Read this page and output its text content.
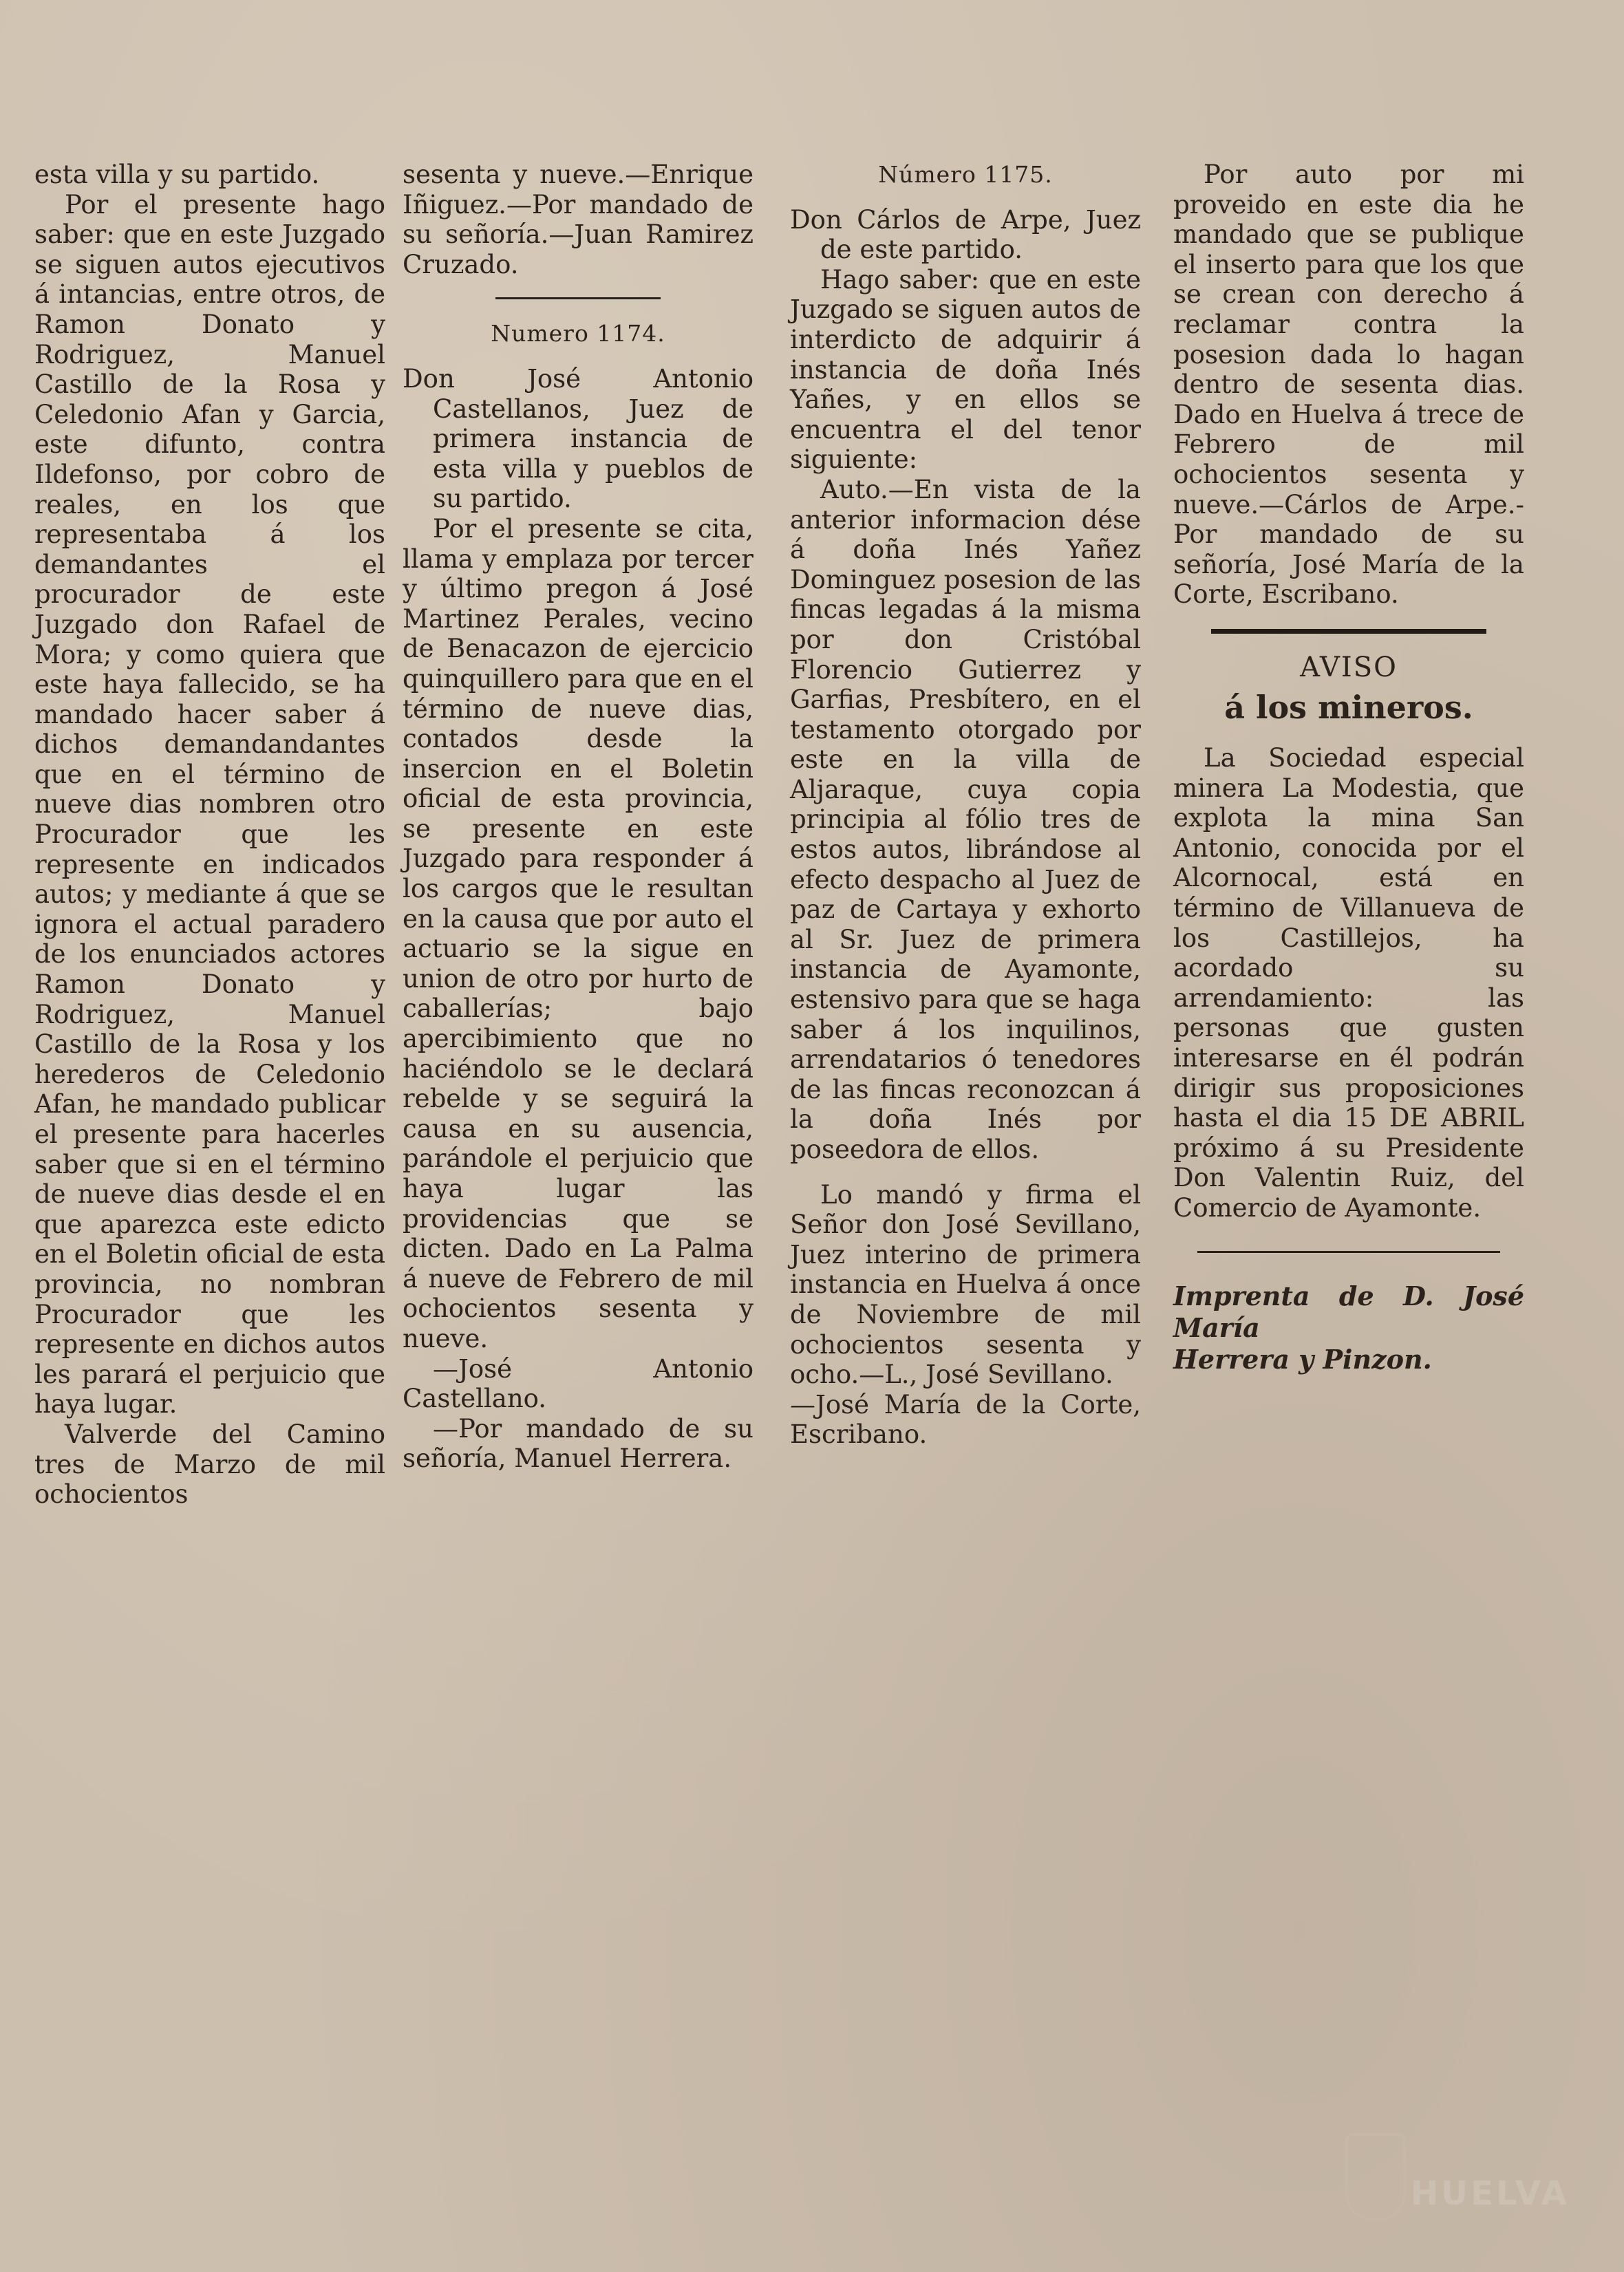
esta villa y su partido.

Por el presente hago saber: que en este Juzgado se siguen autos ejecutivos á intancias, entre otros, de Ramon Donato y Rodriguez, Manuel Castillo de la Rosa y Celedonio Afan y Garcia, este difunto, contra Ildefonso, por cobro de reales, en los que representaba á los demandantes el procurador de este Juzgado don Rafael de Mora; y como quiera que este haya fallecido, se ha mandado hacer saber á dichos demandandantes que en el término de nueve dias nombren otro Procurador que les represente en indicados autos; y mediante á que se ignora el actual paradero de los enunciados actores Ramon Donato y Rodriguez, Manuel Castillo de la Rosa y los herederos de Celedonio Afan, he mandado publicar el presente para hacerles saber que si en el término de nueve dias desde el en que aparezca este edicto en el Boletin oficial de esta provincia, no nombran Procurador que les represente en dichos autos les parará el perjuicio que haya lugar.

Valverde del Camino tres de Marzo de mil ochocientos

sesenta y nueve.—Enrique Iñiguez.—Por mandado de su señoría.—Juan Ramirez Cruzado.

Numero 1174.

Don José Antonio Castellanos, Juez de primera instancia de esta villa y pueblos de su partido.

Por el presente se cita, llama y emplaza por tercer y último pregon á José Martinez Perales, vecino de Benacazon de ejercicio quinquillero para que en el término de nueve dias, contados desde la insercion en el Boletin oficial de esta provincia, se presente en este Juzgado para responder á los cargos que le resultan en la causa que por auto el actuario se la sigue en union de otro por hurto de caballerías; bajo apercibimiento que no haciéndolo se le declará rebelde y se seguirá la causa en su ausencia, parándole el perjuicio que haya lugar las providencias que se dicten. Dado en La Palma á nueve de Febrero de mil ochocientos sesenta y nueve.

—José Antonio Castellano.

—Por mandado de su señoría, Manuel Herrera.

Número 1175.

Don Cárlos de Arpe, Juez de este partido.

Hago saber: que en este Juzgado se siguen autos de interdicto de adquirir á instancia de doña Inés Yañes, y en ellos se encuentra el del tenor siguiente:

Auto.—En vista de la anterior informacion dése á doña Inés Yañez Dominguez posesion de las fincas legadas á la misma por don Cristóbal Florencio Gutierrez y Garfias, Presbítero, en el testamento otorgado por este en la villa de Aljaraque, cuya copia principia al fólio tres de estos autos, librándose al efecto despacho al Juez de paz de Cartaya y exhorto al Sr. Juez de primera instancia de Ayamonte, estensivo para que se haga saber á los inquilinos, arrendatarios ó tenedores de las fincas reconozcan á la doña Inés por poseedora de ellos.

Lo mandó y firma el Señor don José Sevillano, Juez interino de primera instancia en Huelva á once de Noviembre de mil ochocientos sesenta y ocho.—L., José Sevillano.

—José María de la Corte, Escribano.

Por auto por mi proveido en este dia he mandado que se publique el inserto para que los que se crean con derecho á reclamar contra la posesion dada lo hagan dentro de sesenta dias. Dado en Huelva á trece de Febrero de mil ochocientos sesenta y nueve.—Cárlos de Arpe.-Por mandado de su señoría, José María de la Corte, Escribano.

AVISO
á los mineros.

La Sociedad especial minera La Modestia, que explota la mina San Antonio, conocida por el Alcornocal, está en término de Villanueva de los Castillejos, ha acordado su arrendamiento: las personas que gusten interesarse en él podrán dirigir sus proposiciones hasta el dia 15 DE ABRIL próximo á su Presidente Don Valentin Ruiz, del Comercio de Ayamonte.

Imprenta de D. José María

Herrera y Pinzon.

HUELVA
